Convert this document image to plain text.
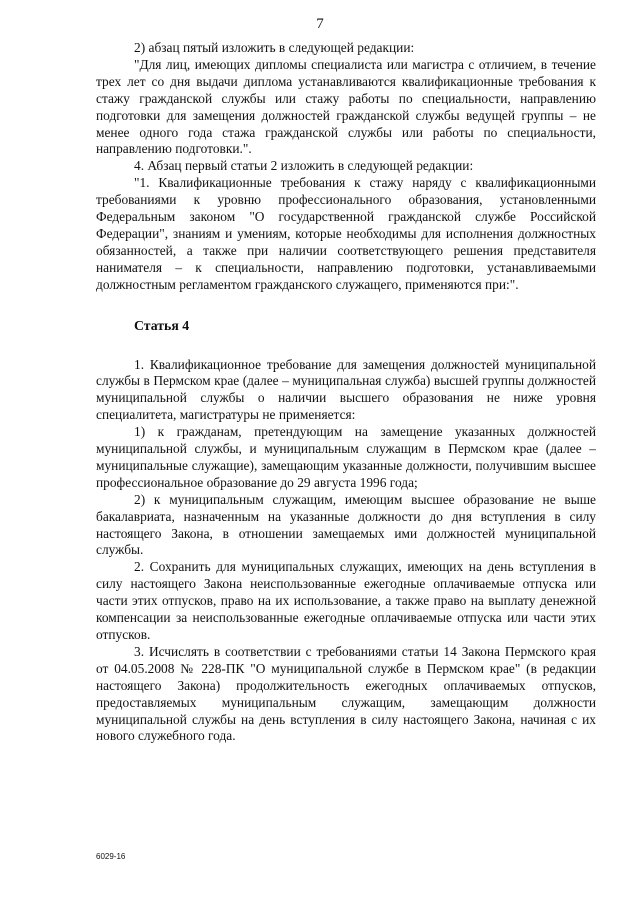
7

2) абзац пятый изложить в следующей редакции:

"Для лиц, имеющих дипломы специалиста или магистра с отличием, в течение трех лет со дня выдачи диплома устанавливаются квалификационные требования к стажу гражданской службы или стажу работы по специальности, направлению подготовки для замещения должностей гражданской службы ведущей группы – не менее одного года стажа гражданской службы или работы по специальности, направлению подготовки.".

4. Абзац первый статьи 2 изложить в следующей редакции:

"1. Квалификационные требования к стажу наряду с квалификационными требованиями к уровню профессионального образования, установленными Федеральным законом "О государственной гражданской службе Российской Федерации", знаниям и умениям, которые необходимы для исполнения должностных обязанностей, а также при наличии соответствующего решения представителя нанимателя – к специальности, направлению подготовки, устанавливаемыми должностным регламентом гражданского служащего, применяются при:".

Статья 4

1. Квалификационное требование для замещения должностей муниципальной службы в Пермском крае (далее – муниципальная служба) высшей группы должностей муниципальной службы о наличии высшего образования не ниже уровня специалитета, магистратуры не применяется:

1) к гражданам, претендующим на замещение указанных должностей муниципальной службы, и муниципальным служащим в Пермском крае (далее – муниципальные служащие), замещающим указанные должности, получившим высшее профессиональное образование до 29 августа 1996 года;

2) к муниципальным служащим, имеющим высшее образование не выше бакалавриата, назначенным на указанные должности до дня вступления в силу настоящего Закона, в отношении замещаемых ими должностей муниципальной службы.

2. Сохранить для муниципальных служащих, имеющих на день вступления в силу настоящего Закона неиспользованные ежегодные оплачиваемые отпуска или части этих отпусков, право на их использование, а также право на выплату денежной компенсации за неиспользованные ежегодные оплачиваемые отпуска или части этих отпусков.

3. Исчислять в соответствии с требованиями статьи 14 Закона Пермского края от 04.05.2008 № 228-ПК "О муниципальной службе в Пермском крае" (в редакции настоящего Закона) продолжительность ежегодных оплачиваемых отпусков, предоставляемых муниципальным служащим, замещающим должности муниципальной службы на день вступления в силу настоящего Закона, начиная с их нового служебного года.

6029-16
